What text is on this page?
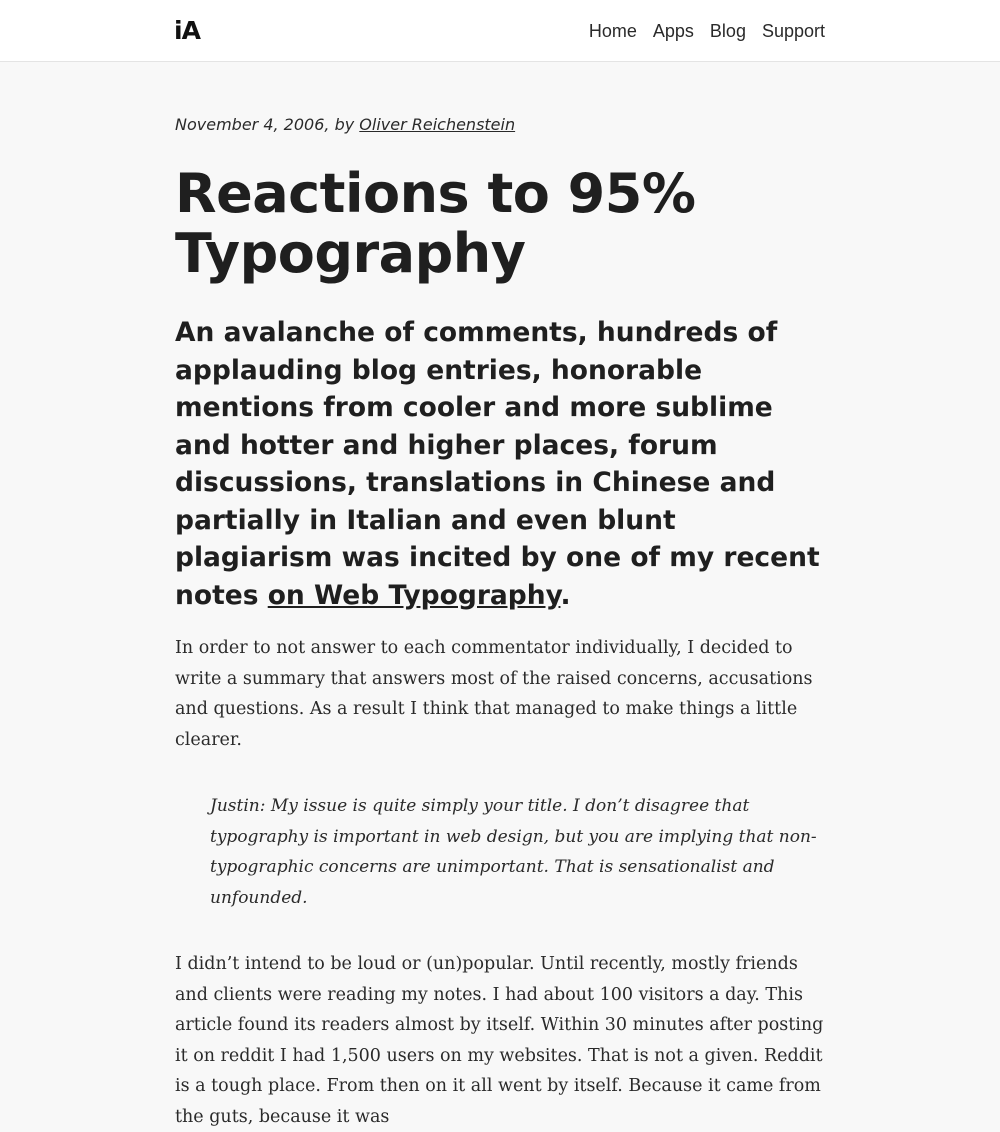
iA	Home Apps Blog Support

November 4, 2006, by Oliver Reichenstein

Reactions to 95%
Typography

An avalanche of comments, hundreds of applauding blog entries, honorable mentions from cooler and more sublime and hotter and higher places, forum discussions, translations in Chinese and partially in Italian and even blunt plagiarism was incited by one of my recent notes on Web Typography.

In order to not answer to each commentator individually, I decided to write a summary that answers most of the raised concerns, accusations and questions. As a result I think that managed to make things a little clearer.

Justin: My issue is quite simply your title. I don’t disagree that typography is important in web design, but you are implying that non-typographic concerns are unimportant. That is sensationalist and unfounded.

I didn’t intend to be loud or (un)popular. Until recently, mostly friends and clients were reading my notes. I had about 100 visitors a day. This article found its readers almost by itself. Within 30 minutes after posting it on reddit I had 1,500 users on my websites. That is not a given. Reddit is a tough place. From then on it all went by itself. Because it came from the guts, because it was
